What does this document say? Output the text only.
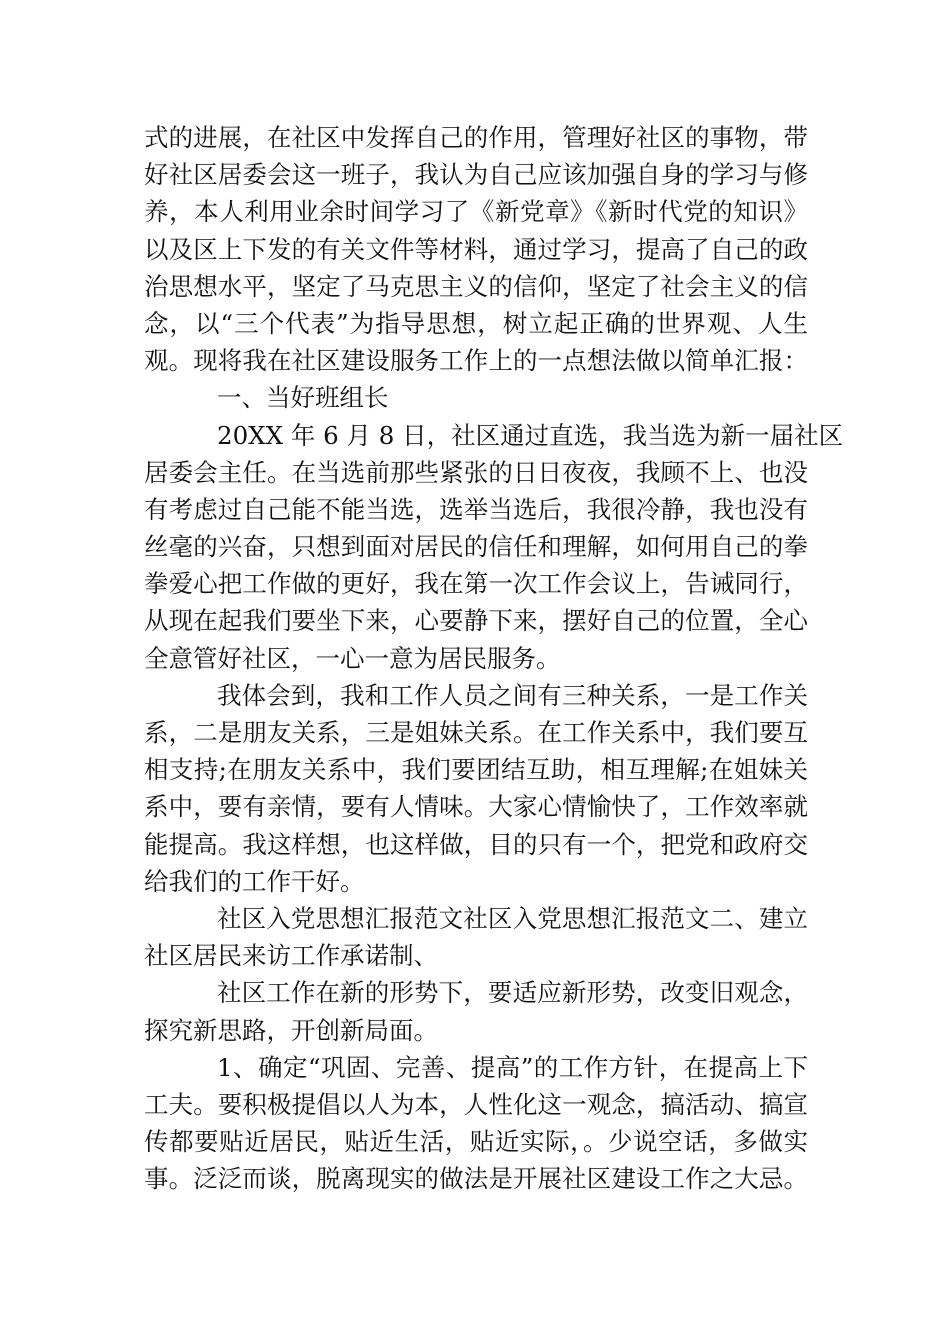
式的进展，在社区中发挥自己的作用，管理好社区的事物，带
好社区居委会这一班子，我认为自己应该加强自身的学习与修
养，本人利用业余时间学习了《新党章》《新时代党的知识》
以及区上下发的有关文件等材料，通过学习，提高了自己的政
治思想水平，坚定了马克思主义的信仰，坚定了社会主义的信
念，以“三个代表”为指导思想，树立起正确的世界观、人生
观。现将我在社区建设服务工作上的一点想法做以简单汇报：
一、当好班组长
20XX 年 6 月 8 日，社区通过直选，我当选为新一届社区
居委会主任。在当选前那些紧张的日日夜夜，我顾不上、也没
有考虑过自己能不能当选，选举当选后，我很冷静，我也没有
丝毫的兴奋，只想到面对居民的信任和理解，如何用自己的拳
拳爱心把工作做的更好，我在第一次工作会议上，告诫同行，
从现在起我们要坐下来，心要静下来，摆好自己的位置，全心
全意管好社区，一心一意为居民服务。
我体会到，我和工作人员之间有三种关系，一是工作关
系，二是朋友关系，三是姐妹关系。在工作关系中，我们要互
相支持;在朋友关系中，我们要团结互助，相互理解;在姐妹关
系中，要有亲情，要有人情味。大家心情愉快了，工作效率就
能提高。我这样想，也这样做，目的只有一个，把党和政府交
给我们的工作干好。
社区入党思想汇报范文社区入党思想汇报范文二、建立
社区居民来访工作承诺制、
社区工作在新的形势下，要适应新形势，改变旧观念，
探究新思路，开创新局面。
1、确定“巩固、完善、提高”的工作方针，在提高上下
工夫。要积极提倡以人为本，人性化这一观念，搞活动、搞宣
传都要贴近居民，贴近生活，贴近实际，。少说空话，多做实
事。泛泛而谈，脱离现实的做法是开展社区建设工作之大忌。
